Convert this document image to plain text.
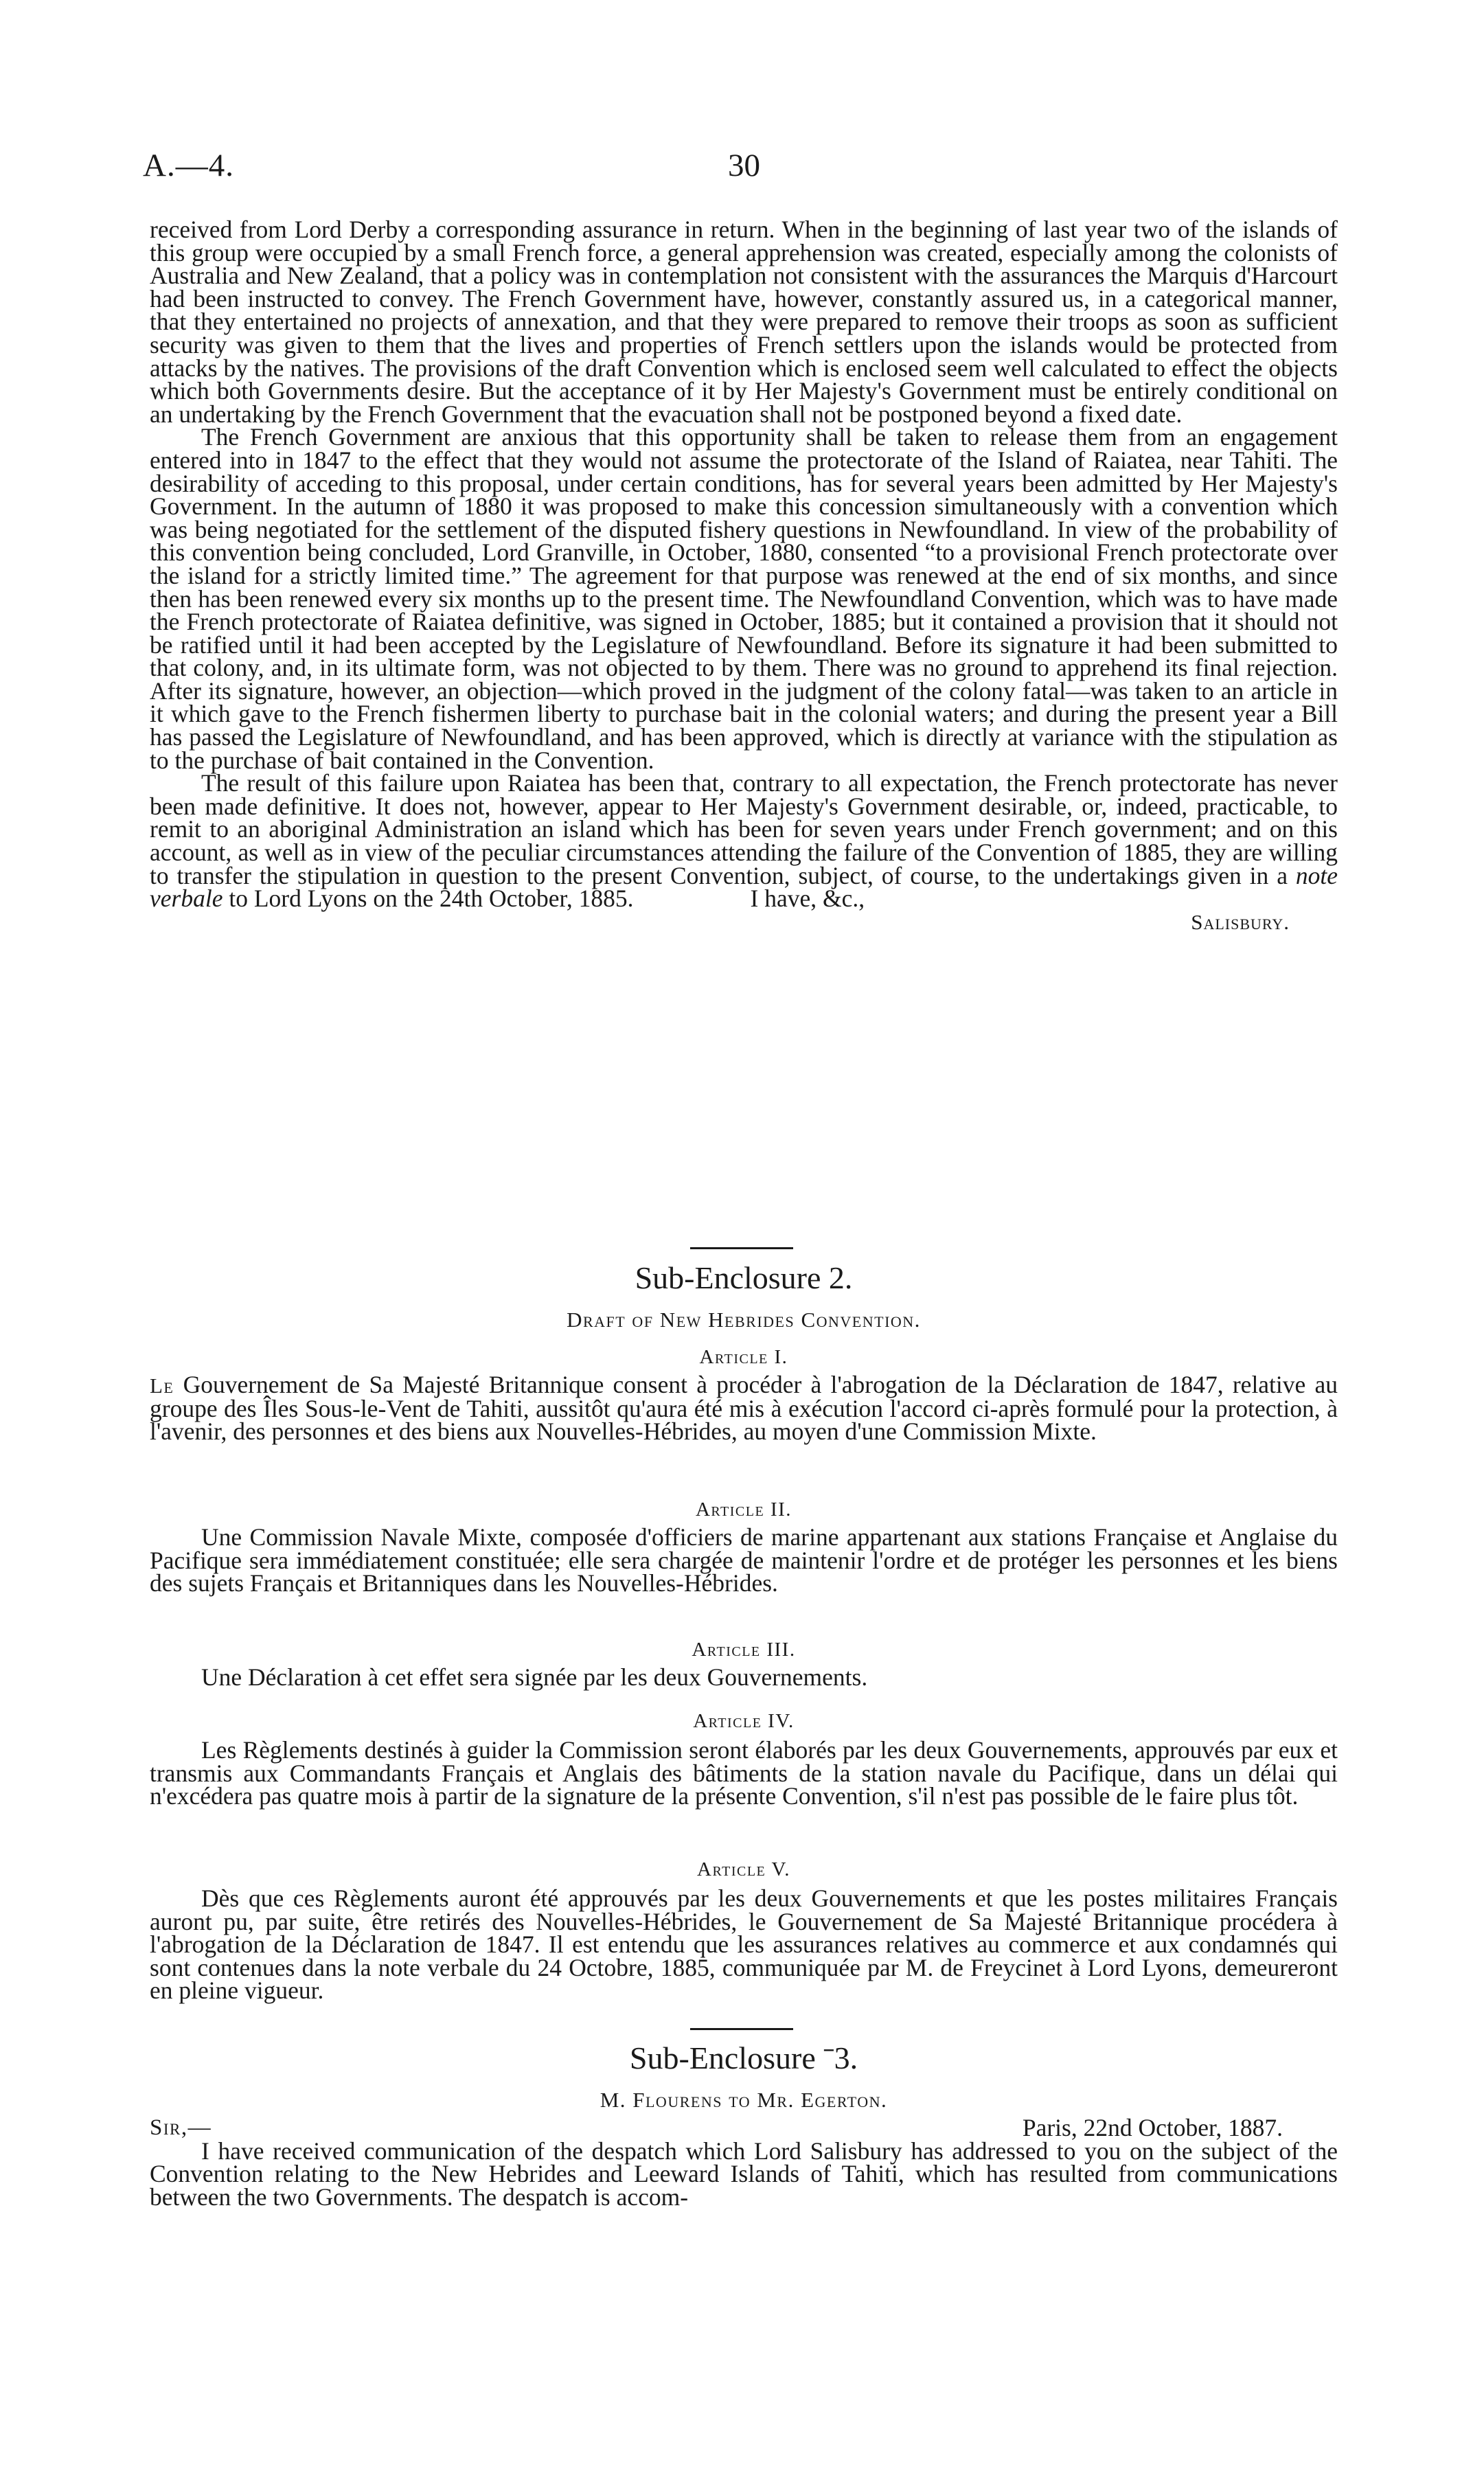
A.—4.	30

received from Lord Derby a corresponding assurance in return. When in the beginning of last year two of the islands of this group were occupied by a small French force, a general apprehension was created, especially among the colonists of Australia and New Zealand, that a policy was in contemplation not consistent with the assurances the Marquis d'Harcourt had been instructed to convey. The French Government have, however, constantly assured us, in a categorical manner, that they entertained no projects of annexation, and that they were prepared to remove their troops as soon as sufficient security was given to them that the lives and properties of French settlers upon the islands would be protected from attacks by the natives. The provisions of the draft Convention which is enclosed seem well calculated to effect the objects which both Governments desire. But the acceptance of it by Her Majesty's Government must be entirely conditional on an undertaking by the French Government that the evacuation shall not be postponed beyond a fixed date.

The French Government are anxious that this opportunity shall be taken to release them from an engagement entered into in 1847 to the effect that they would not assume the protectorate of the Island of Raiatea, near Tahiti. The desirability of acceding to this proposal, under certain conditions, has for several years been admitted by Her Majesty's Government. In the autumn of 1880 it was proposed to make this concession simultaneously with a convention which was being negotiated for the settlement of the disputed fishery questions in Newfoundland. In view of the probability of this convention being concluded, Lord Granville, in October, 1880, consented “to a provisional French protectorate over the island for a strictly limited time.” The agreement for that purpose was renewed at the end of six months, and since then has been renewed every six months up to the present time. The Newfoundland Convention, which was to have made the French protectorate of Raiatea definitive, was signed in October, 1885; but it contained a provision that it should not be ratified until it had been accepted by the Legislature of Newfoundland. Before its signature it had been submitted to that colony, and, in its ultimate form, was not objected to by them. There was no ground to apprehend its final rejection. After its signature, however, an objection—which proved in the judgment of the colony fatal—was taken to an article in it which gave to the French fishermen liberty to purchase bait in the colonial waters; and during the present year a Bill has passed the Legislature of Newfoundland, and has been approved, which is directly at variance with the stipulation as to the purchase of bait contained in the Convention.

The result of this failure upon Raiatea has been that, contrary to all expectation, the French protectorate has never been made definitive. It does not, however, appear to Her Majesty's Government desirable, or, indeed, practicable, to remit to an aboriginal Administration an island which has been for seven years under French government; and on this account, as well as in view of the peculiar circumstances attending the failure of the Convention of 1885, they are willing to transfer the stipulation in question to the present Convention, subject, of course, to the undertakings given in a note verbale to Lord Lyons on the 24th October, 1885.	I have, &c.,

Salisbury.
Sub-Enclosure 2.
Draft of New Hebrides Convention.
Article I.

Le Gouvernement de Sa Majesté Britannique consent à procéder à l'abrogation de la Déclaration de 1847, relative au groupe des Îles Sous-le-Vent de Tahiti, aussitôt qu'aura été mis à exécution l'accord ci-après formulé pour la protection, à l'avenir, des personnes et des biens aux Nouvelles-Hébrides, au moyen d'une Commission Mixte.

Article II.

Une Commission Navale Mixte, composée d'officiers de marine appartenant aux stations Française et Anglaise du Pacifique sera immédiatement constituée; elle sera chargée de maintenir l'ordre et de protéger les personnes et les biens des sujets Français et Britanniques dans les Nouvelles-Hébrides.

Article III.

Une Déclaration à cet effet sera signée par les deux Gouvernements.

Article IV.

Les Règlements destinés à guider la Commission seront élaborés par les deux Gouvernements, approuvés par eux et transmis aux Commandants Français et Anglais des bâtiments de la station navale du Pacifique, dans un délai qui n'excédera pas quatre mois à partir de la signature de la présente Convention, s'il n'est pas possible de le faire plus tôt.

Article V.

Dès que ces Règlements auront été approuvés par les deux Gouvernements et que les postes militaires Français auront pu, par suite, être retirés des Nouvelles-Hébrides, le Gouvernement de Sa Majesté Britannique procédera à l'abrogation de la Déclaration de 1847. Il est entendu que les assurances relatives au commerce et aux condamnés qui sont contenues dans la note verbale du 24 Octobre, 1885, communiquée par M. de Freycinet à Lord Lyons, demeureront en pleine vigueur.

Sub-Enclosure ˉ3.
M. Flourens to Mr. Egerton.
Sir,—	Paris, 22nd October, 1887.

I have received communication of the despatch which Lord Salisbury has addressed to you on the subject of the Convention relating to the New Hebrides and Leeward Islands of Tahiti, which has resulted from communications between the two Governments. The despatch is accom-
